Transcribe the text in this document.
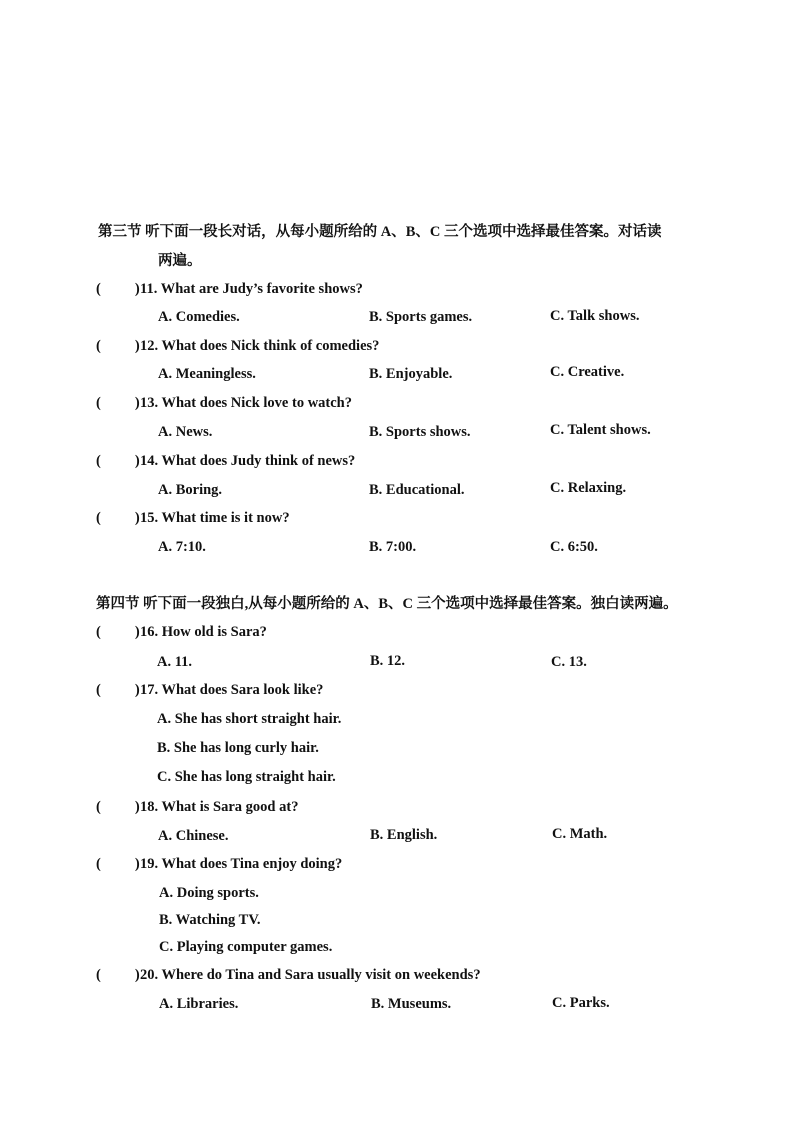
第三节 听下面一段长对话，从每小题所给的 A、B、C 三个选项中选择最佳答案。对话读
两遍。
( )11. What are Judy’s favorite shows?
A. Comedies.	B. Sports games.	C. Talk shows.
( )12. What does Nick think of comedies?
A. Meaningless.	B. Enjoyable.	C. Creative.
( )13. What does Nick love to watch?
A. News.	B. Sports shows.	C. Talent shows.
( )14. What does Judy think of news?
A. Boring.	B. Educational.	C. Relaxing.
( )15. What time is it now?
A. 7:10.	B. 7:00.	C. 6:50.
第四节 听下面一段独白,从每小题所给的 A、B、C 三个选项中选择最佳答案。独白读两遍。
( )16. How old is Sara?
A. 11.	B. 12.	C. 13.
( )17. What does Sara look like?
A. She has short straight hair.
B. She has long curly hair.
C. She has long straight hair.
( )18. What is Sara good at?
A. Chinese.	B. English.	C. Math.
( )19. What does Tina enjoy doing?
A. Doing sports.
B. Watching TV.
C. Playing computer games.
( )20. Where do Tina and Sara usually visit on weekends?
A. Libraries.	B. Museums.	C. Parks.
